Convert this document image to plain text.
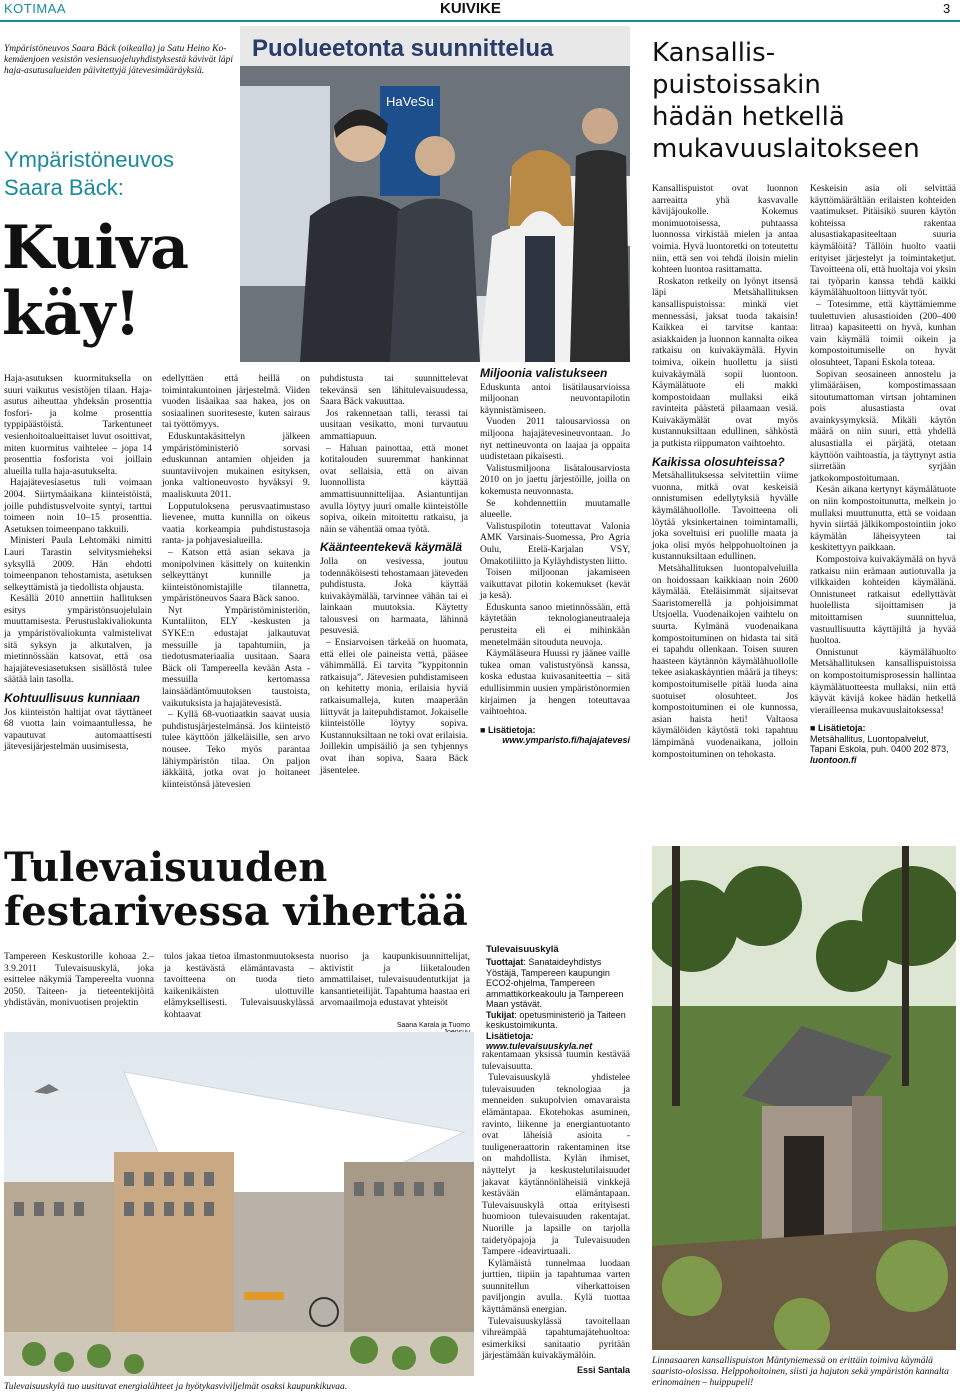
KOTIMAA	KUIVIKE	3
Ympäristöneuvos Saara Bäck (oikealla) ja Satu Heino Kokemäenjoen vesistön vesiensuojeluyhdistyksestä kävivät läpi haja-asutusalueiden päivitettyjä jätevesimääräyksiä.
Ympäristöneuvos
Saara Bäck:
Kuiva
käy!
Puolueetonta suunnittelua
HaVeSu

Haja-asutuksen kuormituksella on suuri vaikutus vesistöjen tilaan. Haja-asutus aiheuttaa yhdeksän prosenttia fosfori- ja kolme prosenttia typpipäästöistä. Tarkentuneet vesienhoitoalueittaiset luvut osoittivat, miten kuormitus vaihtelee – jopa 14 prosenttia fosforista voi joillain alueilla tulla haja-asutukselta.

Hajajätevesiasetus tuli voimaan 2004. Siirtymäaikana kiinteistöistä, joille puhdistusvelvoite syntyi, tarttui toimeen noin 10–15 prosenttia. Asetuksen toimeenpano takkuili.

Ministeri Paula Lehtomäki nimitti Lauri Tarastin selvitysmieheksi syksyllä 2009. Hän ehdotti toimeenpanon tehostamista, asetuksen selkeyttämistä ja tiedollista ohjausta.

Kesällä 2010 annettiin hallituksen esitys ympäristönsuojelulain muuttamisesta. Perustuslakivaliokunta ja ympäristövaliokunta valmistelivat sitä syksyn ja alkutalven, ja mietinnössään katsovat, että osa hajajätevesiasetuksen sisällöstä tulee säätää lain tasolla.

Kohtuullisuus kunniaan

Jos kiinteistön haltijat ovat täyttäneet 68 vuotta lain voimaantullessa, he vapautuvat automaattisesti jätevesijärjestelmän uusimisesta,

edellyttäen että heillä on toimintakuntoinen järjestelmä. Viiden vuoden lisäaikaa saa hakea, jos on sosiaalinen suoriteseste, kuten sairaus tai työttömyys.

Eduskuntakäsittelyn jälkeen ympäristöministeriö sorvasi eduskunnan antamien ohjeiden ja suuntaviivojen mukainen esityksen, jonka valtioneuvosto hyväksyi 9. maaliskuuta 2011.

Lopputuloksena perusvaatimustaso lievenee, mutta kunnilla on oikeus vaatia korkeampia puhdistustasoja ranta- ja pohjavesialueilla.

– Katson että asian sekava ja monipolvinen käsittely on kuitenkin selkeyttänyt kunnille ja kiinteistönomistajille tilannetta, ympäristöneuvos Saara Bäck sanoo.

Nyt Ympäristöministeriön, Kuntaliiton, ELY -keskusten ja SYKE:n edustajat jalkautuvat messuille ja tapahtumiin, ja tiedotusmateriaalia uusitaan. Saara Bäck oli Tampereella kevään Asta -messuilla kertomassa lainsäädäntömuutoksen taustoista, vaikutuksista ja hajajätevesistä.

– Kyllä 68-vuotiaatkin saavat uusia puhdistusjärjestelmänsä. Jos kiinteistö tulee käyttöön jälkeläisille, sen arvo nousee. Teko myös parantaa lähiympäristön tilaa. On paljon iäkkäitä, jotka ovat jo hoitaneet kiinteistönsä jätevesien

puhdistusta tai suunnittelevat tekevänsä sen lähitulevaisuudessa, Saara Bäck vakuuttaa.

Jos rakennetaan talli, terassi tai uusitaan vesikatto, moni turvautuu ammattiapuun.

– Haluan painottaa, että monet kotitalouden suuremmat hankinnat ovat sellaisia, että on aivan luonnollista käyttää ammattisuunnittelijaa. Asiantuntijan avulla löytyy juuri omalle kiinteistölle sopiva, oikein mitoitettu ratkaisu, ja näin se vähentää omaa työtä.

Käänteentekevä käymälä

Jolla on vesivessa, joutuu todennäköisesti tehostamaan jäteveden puhdistusta. Joka käyttää kuivakäymälää, tarvinnee vähän tai ei lainkaan muutoksia. Käytetty talousvesi on harmaata, lähinnä pesuvesiä.

– Ensiarvoisen tärkeää on huomata, että ellei ole paineista vettä, pääsee vähimmällä. Ei tarvita ”kyppitonnin ratkaisuja”. Jätevesien puhdistamiseen on kehitetty monia, erilaisia hyviä ratkaisumalleja, kuten maaperään liittyvät ja laitepuhdistamot. Jokaiselle kiinteistölle löytyy sopiva. Kustannuksiltaan ne toki ovat erilaisia. Joillekin umpisäiliö ja sen tyhjennys ovat ihan sopiva, Saara Bäck jäsentelee.

Miljoonia valistukseen

Eduskunta antoi lisätilausarvioissa miljoonan neuvontapilotin käynnistämiseen.

Vuoden 2011 talousarviossa on miljoona hajajätevesineuvontaan. Jo nyt nettineuvonta on laajaa ja oppaita uudistetaan pikaisesti.

Valistusmiljoona lisätalousarviosta 2010 on jo jaettu järjestöille, joilla on kokemusta neuvonnasta.

Se kohdennettiin muutamalle alueelle.

Valistuspilotin toteuttavat Valonia AMK Varsinais-Suomessa, Pro Agria Oulu, Etelä-Karjalan VSY, Omakotiliitto ja Kyläyhdistysten liitto.

Toisen miljoonan jakamiseen vaikuttavat pilotin kokemukset (kevät ja kesä).

Eduskunta sanoo mietinnössään, että käytetään teknologianeutraaleja perusteita eli ei mihinkään menetelmään sitouduta neuvoja.

Käymäläseura Huussi ry jäänee vaille tukea oman valistustyönsä kanssa, koska edustaa kuivasaniteettia – sitä edullisimmin uusien ympäristönormien kirjaimen ja hengen toteuttavaa vaihtoehtoa.

■ Lisätietoja:
www.ymparisto.fi/hajajatevesi
Kansallis-
puistoissakin
hädän hetkellä
mukavuuslaitokseen

Kansallispuistot ovat luonnon aarreaitta yhä kasvavalle kävijäjoukolle. Kokemus monimuotoisessa, puhtaassa luonnossa virkistää mielen ja antaa voimia. Hyvä luontoretki on toteutettu niin, että sen voi tehdä iloisin mielin kohteen luontoa rasittamatta.

Roskaton retkeily on lyönyt itsensä läpi Metsähallituksen kansallispuistoissa: minkä viet mennessäsi, jaksat tuoda takaisin! Kaikkea ei tarvitse kantaa: asiakkaiden ja luonnon kannalta oikea ratkaisu on kuivakäymälä. Hyvin toimiva, oikein huollettu ja siisti kuivakäymälä sopii luontoon. Käymälätuote eli makki kompostoidaan mullaksi eikä ravinteita päästetä pilaamaan vesiä. Kuivakäymälät ovat myös kustannuksiltaan edullinen, sähköstä ja putkista riippumaton vaihtoehto.

Kaikissa olosuhteissa?

Metsähallituksessa selvitettiin viime vuonna, mitkä ovat keskeisiä onnistumisen edellytyksiä hyvälle käymälähuollolle. Tavoitteena oli löytää yksinkertainen toimintamalli, joka soveltuisi eri puolille maata ja joka olisi myös helppohuoltoinen ja kustannuksiltaan edullinen.

Metsähallituksen luontopalveluilla on hoidossaan kaikkiaan noin 2600 käymälää. Eteläisimmät sijaitsevat Saaristomerellä ja pohjoisimmat Utsjoella. Vuodenaikojen vaihtelu on suurta. Kylmänä vuodenaikana kompostoituminen on hidasta tai sitä ei tapahdu ollenkaan. Toisen suuren haasteen käytännön käymälähuollolle tekee asiakaskäyntien määrä ja tiheys: kompostoitumiselle pitää luoda aina suotuiset olosuhteet. Jos kompostoituminen ei ole kunnossa, asian haista heti! Valtaosa käymälöiden käytöstä toki tapahtuu lämpimänä vuodenaikana, jolloin kompostoituminen on tehokasta.

Keskeisin asia oli selvittää käyttömäärältään erilaisten kohteiden vaatimukset. Pitäisikö suuren käytön kohteissa rakentaa alusastiakapasiteeltaan suuria käymälöitä? Tällöin huolto vaatii erityiset järjestelyt ja toimintaketjut. Tavoitteena oli, että huoltaja voi yksin tai työparin kanssa tehdä kaikki käymälähuoltoon liittyvät työt.

– Totesimme, että käyttämiemme tuulettuvien alusastioiden (200–400 litraa) kapasiteetti on hyvä, kunhan vain käymälä toimii oikein ja kompostoitumiselle on hyvät olosuhteet, Tapani Eskola toteaa.

Sopivan seosaineen annostelu ja ylimääräisen, kompostimassaan sitoutumattoman virtsan johtaminen pois alusastiasta ovat avainkysymyksiä. Mikäli käytön määrä on niin suuri, että yhdellä alusastialla ei pärjätä, otetaan käyttöön vaihtoastia, ja täyttynyt astia siirretään syrjään jatkokompostoitumaan.

Kesän aikana kertynyt käymälätuote on niin kompostoitunutta, melkein jo mullaksi muuttunutta, että se voidaan hyvin siirtää jälkikompostointiin joko käymälän läheisyyteen tai keskitettyyn paikkaan.

Kompostoiva kuivakäymälä on hyvä ratkaisu niin erämaan autiotuvalla ja vilkkaiden kohteiden käymälänä. Onnistuneet ratkaisut edellyttävät huolellista sijoittamisen ja mitoittamisen suunnittelua, vastuullisuutta käyttäjiltä ja hyvää huoltoa.

Onnistunut käymälähuolto Metsähallituksen kansallispuistoissa on kompostoitumisprosessin hallintaa käymälätuotteesta mullaksi, niin että käyvät kävijä kokee hädän hetkellä vierailleensa mukavuuslaitoksessa!

■ Lisätietoja:
Metsähallitus, Luontopalvelut,
Tapani Eskola, puh. 0400 202 873,
luontoon.fi
Tulevaisuuden
festarivessa vihertää
Tampereen Keskustorille kohoaa 2.–3.9.2011 Tulevaisuuskylä, joka esittelee näkymiä Tampereelta vuonna 2050. Taiteen- ja tieteentekijöitä yhdistävän, monivuotisen projektin
tulos jakaa tietoa ilmastonmuutoksesta ja kestävästä elämäntavasta – tavoitteena on tuoda tieto kaikenikäisten ulottuville elämyksellisesti. Tulevaisuuskylässä kohtaavat
nuoriso ja kaupunkisuunnittelijat, aktivistit ja liiketalouden ammattilaiset, tulevaisuudentutkijat ja kansantieteilijät. Tapahtuma haastaa eri arvomaailmoja edustavat yhteisöt
Saana Karala ja Tuomo
Tulevaisuuskylä
Tuottajat: Sanataideyhdistys Yöstäjä, Tampereen kaupungin ECO2-ohjelma, Tampereen ammattikorkeakoulu ja Tampereen Maan ystävät.
Tukijat: opetusministeriö ja Taiteen keskustoimikunta.
Lisätietoja: www.tulevaisuuskyla.net
Tulevaisuuskylä tuo uusituvat energialähteet ja hyötykasviviljelmät osaksi kaupunkikuvaa.

rakentamaan yksissä tuumin kestävää tulevaisuutta.

Tulevaisuuskylä yhdistelee tulevaisuuden teknologiaa ja menneiden sukupolvien omavaraista elämäntapaa. Ekotehokas asuminen, ravinto, liikenne ja energiantuotanto ovat läheisiä asioita - tuuligeneraattorin rakentaminen itse on mahdollista. Kylän ihmiset, näyttelyt ja keskustelutilaisuudet jakavat käytännönläheisiä vinkkejä kestävään elämäntapaan. Tulevaisuuskylä ottaa erityisesti huomioon tulevaisuuden rakentajat. Nuorille ja lapsille on tarjolla taidetyöpajoja ja Tulevaisuuden Tampere -ideavirtuaali.

Kylämäistä tunnelmaa luodaan jurttien, tiipiin ja tapahtumaa varten suunnitellun viherkattoisen paviljongin avulla. Kylä tuottaa käyttämänsä energian.

Tulevaisuuskylässä tavoitellaan vihreämpää tapahtumajätehuoltoa: esimerkiksi sanitaatio pyritään järjestämään kuivakäymälöin.

Essi Santala
Linnasaaren kansallispuiston Mäntyniemessä on erittäin toimiva käymälä saaristo-olosissa. Helppohoitoinen, siisti ja hajuton sekä ympäristön kannalta erinomainen – huippupeli!
